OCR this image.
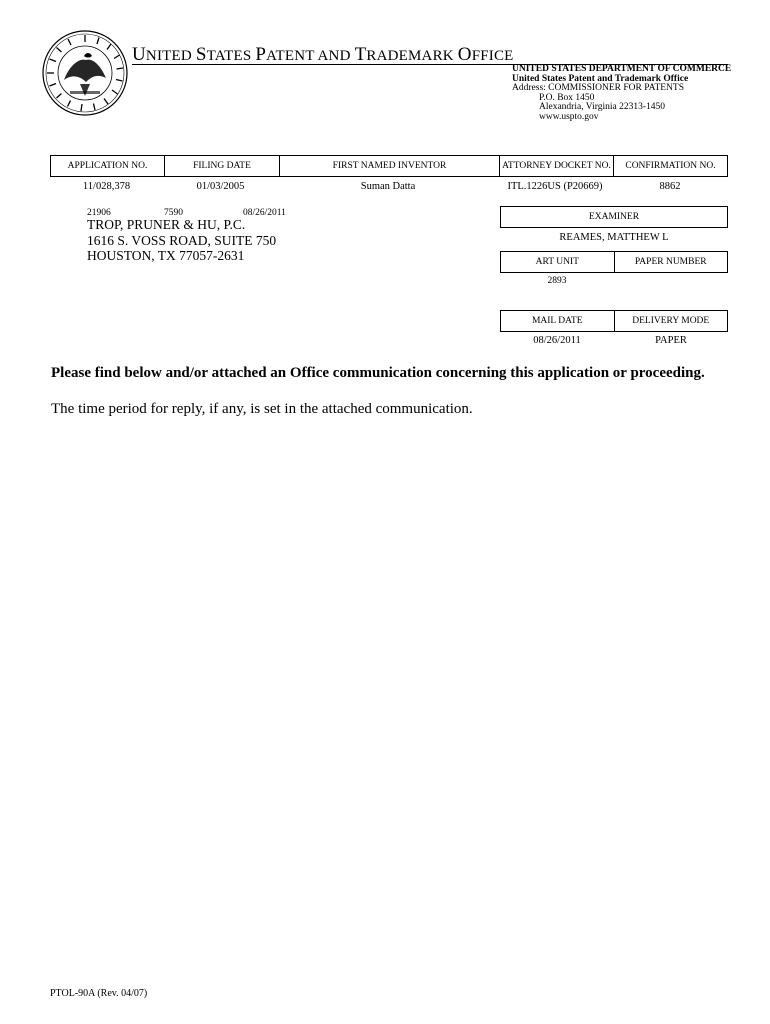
UNITED STATES PATENT AND TRADEMARK OFFICE
UNITED STATES DEPARTMENT OF COMMERCE
United States Patent and Trademark Office
Address: COMMISSIONER FOR PATENTS
P.O. Box 1450
Alexandria, Virginia 22313-1450
www.uspto.gov
APPLICATION NO.	FILING DATE	FIRST NAMED INVENTOR	ATTORNEY DOCKET NO.	CONFIRMATION NO.
11/028,378	01/03/2005	Suman Datta	ITL.1226US (P20669)	8862
21906	7590	08/26/2011
TROP, PRUNER & HU, P.C.
1616 S. VOSS ROAD, SUITE 750
HOUSTON, TX 77057-2631
EXAMINER
REAMES, MATTHEW L
ART UNIT	PAPER NUMBER
2893
MAIL DATE	DELIVERY MODE
08/26/2011	PAPER
Please find below and/or attached an Office communication concerning this application or proceeding.
The time period for reply, if any, is set in the attached communication.
PTOL-90A (Rev. 04/07)
